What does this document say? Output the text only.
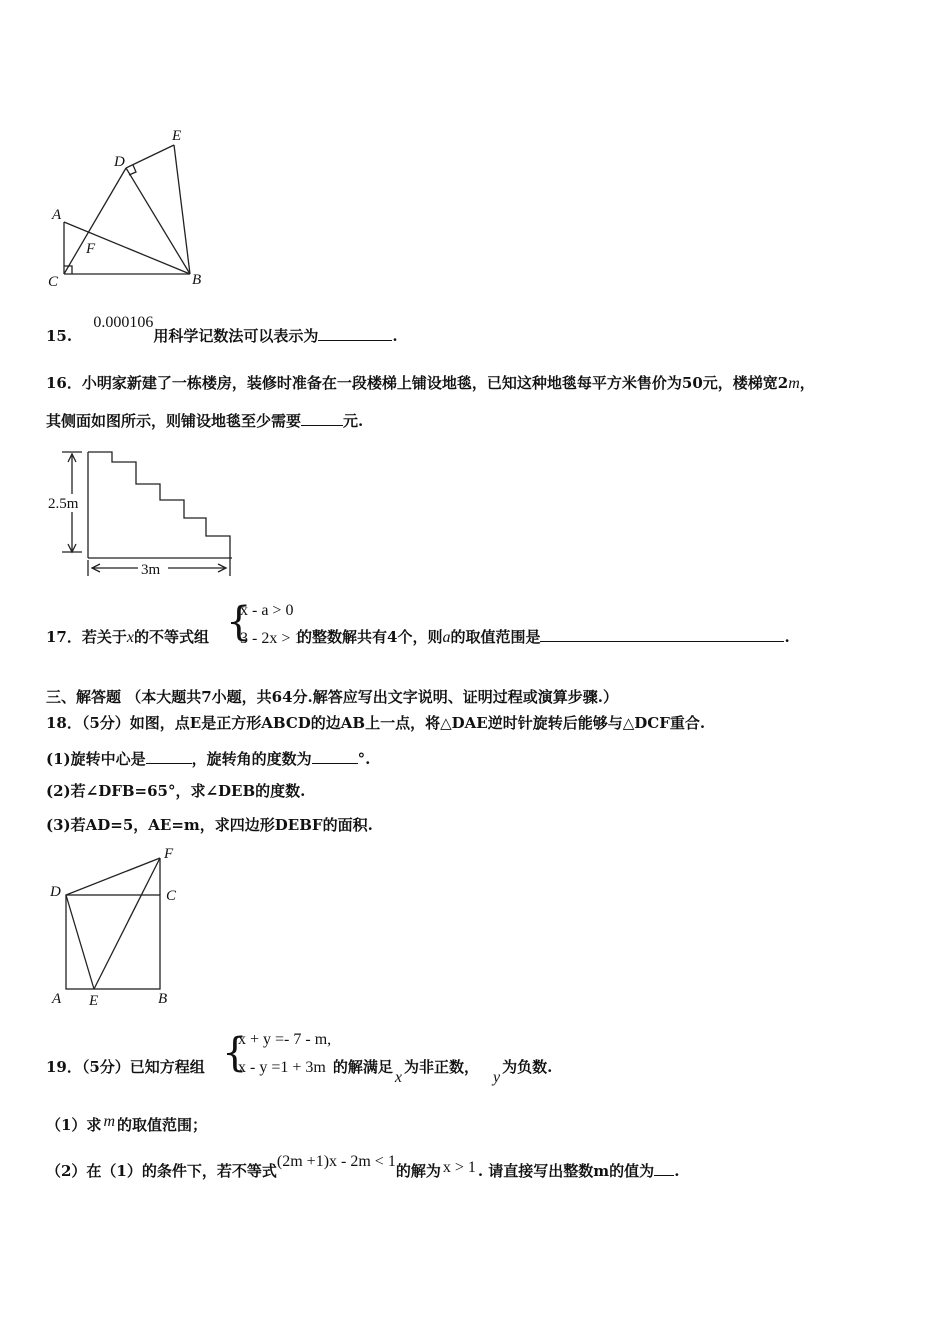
E
D
A
F
C	B
15. 0.000106用科学记数法可以表示为	.
16．小明家新建了一栋楼房，装修时准备在一段楼梯上铺设地毯，已知这种地毯每平方米售价为50元，楼梯宽2m，
其侧面如图所示，则铺设地毯至少需要	元.
2.5m
3m
17．若关于x的不等式组	的整数解共有4个，则a的取值范围是	.
{
x - a > 0
3 - 2x > 1
三、解答题 （本大题共7小题，共64分.解答应写出文字说明、证明过程或演算步骤.）
18．（5分）如图，点E是正方形ABCD的边AB上一点，将△DAE逆时针旋转后能够与△DCF重合.
(1)旋转中心是	，旋转角的度数为	°.
(2)若∠DFB=65°，求∠DEB的度数.
(3)若AD=5，AE=m，求四边形DEBF的面积.
F
D	C
A E	B
19．（5分）已知方程组	的解满足x为非正数，y为负数.
{
x + y =- 7 - m,
x - y =1 + 3m
（1）求 m 的取值范围；
（2）在（1）的条件下，若不等式(2m +1)x - 2m < 1的解为 x > 1 . 请直接写出整数m的值为 .
